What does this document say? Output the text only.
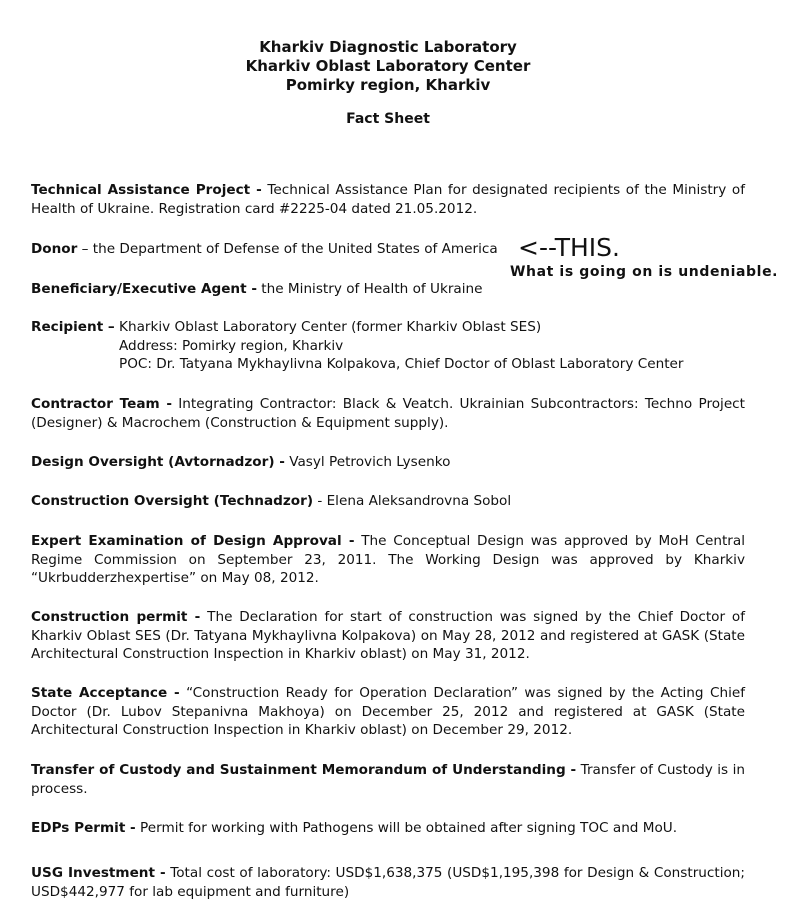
Kharkiv Diagnostic Laboratory
Kharkiv Oblast Laboratory Center
Pomirky region, Kharkiv
Fact Sheet
Technical Assistance Project - Technical Assistance Plan for designated recipients of the Ministry of Health of Ukraine. Registration card #2225-04 dated 21.05.2012.
Donor – the Department of Defense of the United States of America
Beneficiary/Executive Agent - the Ministry of Health of Ukraine
Recipient – Kharkiv Oblast Laboratory Center (former Kharkiv Oblast SES)
Address: Pomirky region, Kharkiv
POC: Dr. Tatyana Mykhaylivna Kolpakova, Chief Doctor of Oblast Laboratory Center
Contractor Team - Integrating Contractor: Black & Veatch. Ukrainian Subcontractors: Techno Project (Designer) & Macrochem (Construction & Equipment supply).
Design Oversight (Avtornadzor) - Vasyl Petrovich Lysenko
Construction Oversight (Technadzor) - Elena Aleksandrovna Sobol
Expert Examination of Design Approval - The Conceptual Design was approved by MoH Central Regime Commission on September 23, 2011. The Working Design was approved by Kharkiv “Ukrbudderzhexpertise” on May 08, 2012.
Construction permit - The Declaration for start of construction was signed by the Chief Doctor of Kharkiv Oblast SES (Dr. Tatyana Mykhaylivna Kolpakova) on May 28, 2012 and registered at GASK (State Architectural Construction Inspection in Kharkiv oblast) on May 31, 2012.
State Acceptance - “Construction Ready for Operation Declaration” was signed by the Acting Chief Doctor (Dr. Lubov Stepanivna Makhoya) on December 25, 2012 and registered at GASK (State Architectural Construction Inspection in Kharkiv oblast) on December 29, 2012.
Transfer of Custody and Sustainment Memorandum of Understanding - Transfer of Custody is in process.
EDPs Permit - Permit for working with Pathogens will be obtained after signing TOC and MoU.
USG Investment - Total cost of laboratory: USD$1,638,375 (USD$1,195,398 for Design & Construction; USD$442,977 for lab equipment and furniture)
<--THIS.
What is going on is undeniable.
